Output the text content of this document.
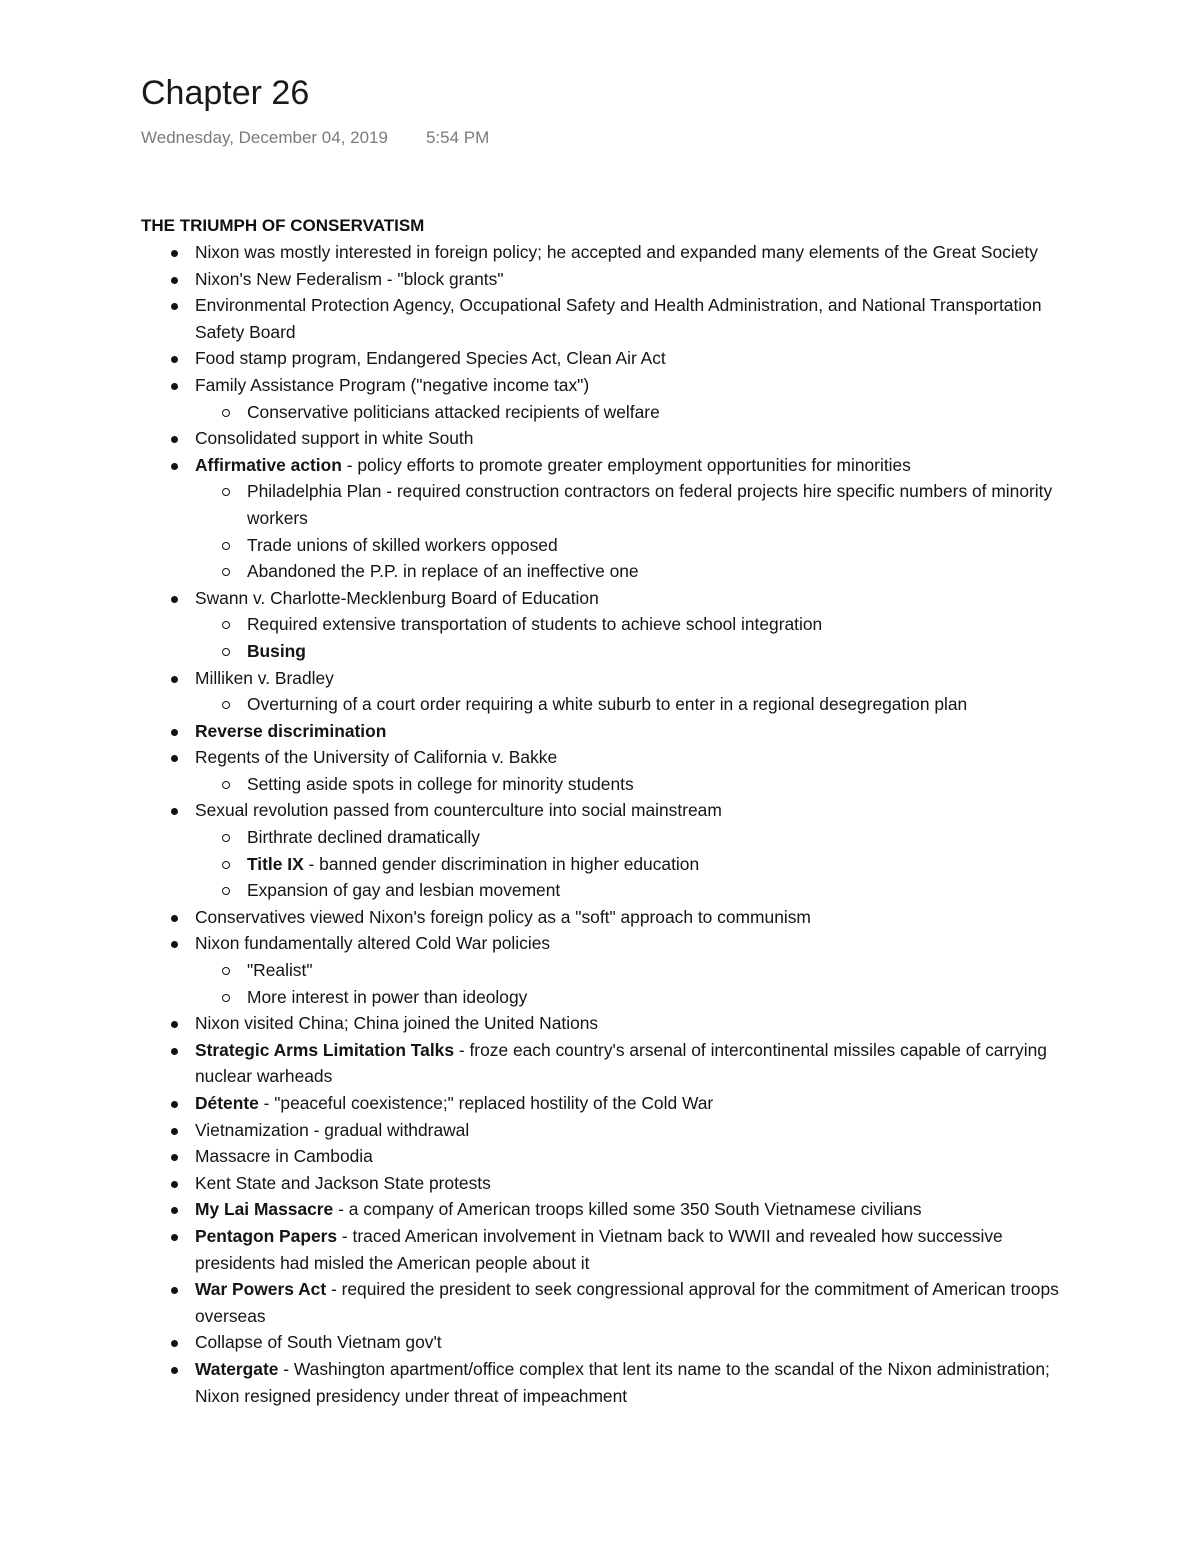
Chapter 26
Wednesday, December 04, 2019 5:54 PM
THE TRIUMPH OF CONSERVATISM
Nixon was mostly interested in foreign policy; he accepted and expanded many elements of the Great Society
Nixon's New Federalism - "block grants"
Environmental Protection Agency, Occupational Safety and Health Administration, and National Transportation Safety Board
Food stamp program, Endangered Species Act, Clean Air Act
Family Assistance Program ("negative income tax")
Conservative politicians attacked recipients of welfare
Consolidated support in white South
Affirmative action - policy efforts to promote greater employment opportunities for minorities
Philadelphia Plan - required construction contractors on federal projects hire specific numbers of minority workers
Trade unions of skilled workers opposed
Abandoned the P.P. in replace of an ineffective one
Swann v. Charlotte-Mecklenburg Board of Education
Required extensive transportation of students to achieve school integration
Busing
Milliken v. Bradley
Overturning of a court order requiring a white suburb to enter in a regional desegregation plan
Reverse discrimination
Regents of the University of California v. Bakke
Setting aside spots in college for minority students
Sexual revolution passed from counterculture into social mainstream
Birthrate declined dramatically
Title IX - banned gender discrimination in higher education
Expansion of gay and lesbian movement
Conservatives viewed Nixon's foreign policy as a "soft" approach to communism
Nixon fundamentally altered Cold War policies
"Realist"
More interest in power than ideology
Nixon visited China; China joined the United Nations
Strategic Arms Limitation Talks - froze each country's arsenal of intercontinental missiles capable of carrying nuclear warheads
Détente - "peaceful coexistence;" replaced hostility of the Cold War
Vietnamization - gradual withdrawal
Massacre in Cambodia
Kent State and Jackson State protests
My Lai Massacre - a company of American troops killed some 350 South Vietnamese civilians
Pentagon Papers - traced American involvement in Vietnam back to WWII and revealed how successive presidents had misled the American people about it
War Powers Act - required the president to seek congressional approval for the commitment of American troops overseas
Collapse of South Vietnam gov't
Watergate - Washington apartment/office complex that lent its name to the scandal of the Nixon administration; Nixon resigned presidency under threat of impeachment
